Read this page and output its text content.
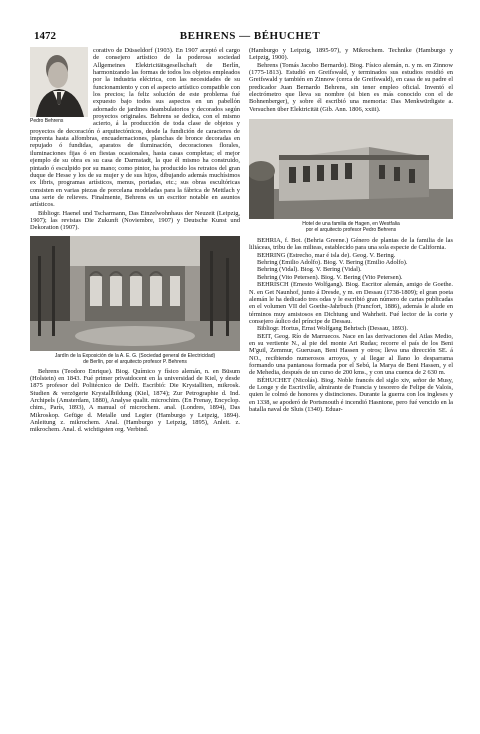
1472	BEHRENS — BÉHUCHET
Pedro Behrens

corativo de Düsseldorf (1903). En 1907 aceptó el cargo de consejero artístico de la poderosa sociedad Allgemeines Elektricitätsgesellschaft de Berlín, harmonizando las formas de todos los objetos empleados por la industria eléctrica, con las necesidades de su funcionamiento y con el aspecto artístico compatible con los precios; la feliz solución de este problema fué expuesto bajo todos sus aspectos en un pabellón adornado de jardines deambulatorios y decorados según proyectos originales. Behrens se dedica, con el mismo acierto, á la producción de toda clase de objetos y proyectos de decoración ó arquitectónicos, desde la fundición de caracteres de imprenta hasta alfombras, encuadernaciones, planchas de bronce decoradas en repujado ó fundidas, aparatos de iluminación, decoraciones florales, iluminaciones fijas ó en fiestas ocasionales, hasta casas completas; el mejor ejemplo de su obra es su casa de Darmstadt, la que él mismo ha construido, pintado ó esculpido por su mano; como pintor, ha producido los retratos del gran duque de Hesse y los de su mujer y de sus hijos, dibujando además muchísimos ex libris, programas artísticos, menus, portadas, etc.; sus obras escultóricas consisten en varias piezas de porcelana modeladas para la fábrica de Mettlach y una serie de relieves. Finalmente, Behrens es un escritor notable en asuntos artísticos.

Bibliogr. Haenel und Tscharmann, Das Einzelwohnhaus der Neuzeit (Leipzig, 1907); las revistas Die Zukunft (Noviembre, 1907) y Deutsche Kunst und Dekoration (1907).

Jardín de la Exposición de la A. E. G. (Sociedad general de Electricidad)
de Berlín, por el arquitecto profesor P. Behrens

Behrens (Teodoro Enrique). Biog. Químico y físico alemán, n. en Büsum (Holstein) en 1843. Fué primer privatdocent en la universidad de Kiel, y desde 1875 profesor del Politécnico de Delft. Escribió: Die Krystalliten, mikrosk. Studien & verzögerte Krystallbildung (Kiel, 1874); Zur Petrographie d. Ind. Archipels (Amsterdam, 1880), Analyse qualit. microchim. (En Frenay, Encyclop. chim., París, 1893), A manual of microchem. anal. (Londres, 1894), Das Mikroskop. Gefüge d. Metalle und Legier (Hamburgo y Leipzig, 1894). Anleitung z. mikrochem. Anal. (Hamburgo y Leipzig, 1895), Anleit. z. mikrochem. Anal. d. wichtigsten org. Verbind.

(Hamburgo y Leipzig, 1895-97), y Mikrochem. Technike (Hamburgo y Leipzig, 1900).

Behrens (Tomás Jacobo Bernardo). Biog. Físico alemán, n. y m. en Zinnow (1775-1813). Estudió en Greifswald, y terminados sus estudios residió en Greifswald y también en Zinnow (cerca de Greifswald), en casa de su padre el predicador Juan Bernardo Behrens, sin tener empleo oficial. Inventó el electrómetro que lleva su nombre (si bien es más conocido con el de Bohnenberger), y sobre él escribió una memoria: Das Menkwürdigste a. Versuchen über Elektricität (Gib. Ann. 1806, xxiii).

Hotel de una familia de Hagen, en Westfalia
por el arquitecto profesor Pedro Behrens

BEHRIA, f. Bot. (Behria Greene.) Género de plantas de la familia de las liliáceas, tribu de las milteas, establecido para una sola especie de California.

BEHRING (Estrecho, mar é isla de). Geog. V. Bering.

Behring (Emilio Adolfo). Biog. V. Bering (Emilio Adolfo).

Behring (Vidal). Biog. V. Bering (Vidal).

Behring (Vito Petersen). Biog. V. Bering (Vito Petersen).

BEHRISCH (Ernesto Wolfgang). Biog. Escritor alemán, amigo de Goethe. N. en Get Naunhof, junto á Dresde, y m. en Dessau (1738-1809); el gran poeta alemán le ha dedicado tres odas y le escribió gran número de cartas publicadas en el volumen VII del Goethe-Jahrbuch (Francfort, 1886), además le alude en términos muy amistosos en Dichtung und Wahrheit. Fué lector de la corte y consejero áulico del príncipe de Dessau.

Bibliogr. Hortus, Ernst Wolfgang Behrisch (Dessau, 1893).

BEIT, Geog. Río de Marruecos. Nace en las derivaciones del Atlas Medio, en su vertiente N., al pie del monte Ari Rudas; recorre el país de los Beni M'guil, Zemmur, Guerusan, Beni Hassen y otros; lleva una dirección SE. á NO., recibiendo numerosos arroyos, y al llegar al llano lo desparrama formando una pantanosa formada por el Sebú, la Marya de Beni Hassen, y el de Mehedia, después de un curso de 200 kms., y con una cuenca de 2 630 m.

BÉHUCHET (Nicolás). Biog. Noble francés del siglo xiv, señor de Musy, de Longe y de Escriiville, almirante de Francia y tesorero de Felipe de Valois, quien le colmó de honores y distinciones. Durante la guerra con los ingleses y en 1338, se apoderó de Portsmouth é incendió Hasntone, pero fué vencido en la batalla naval de Sluis (1340). Eduar-
